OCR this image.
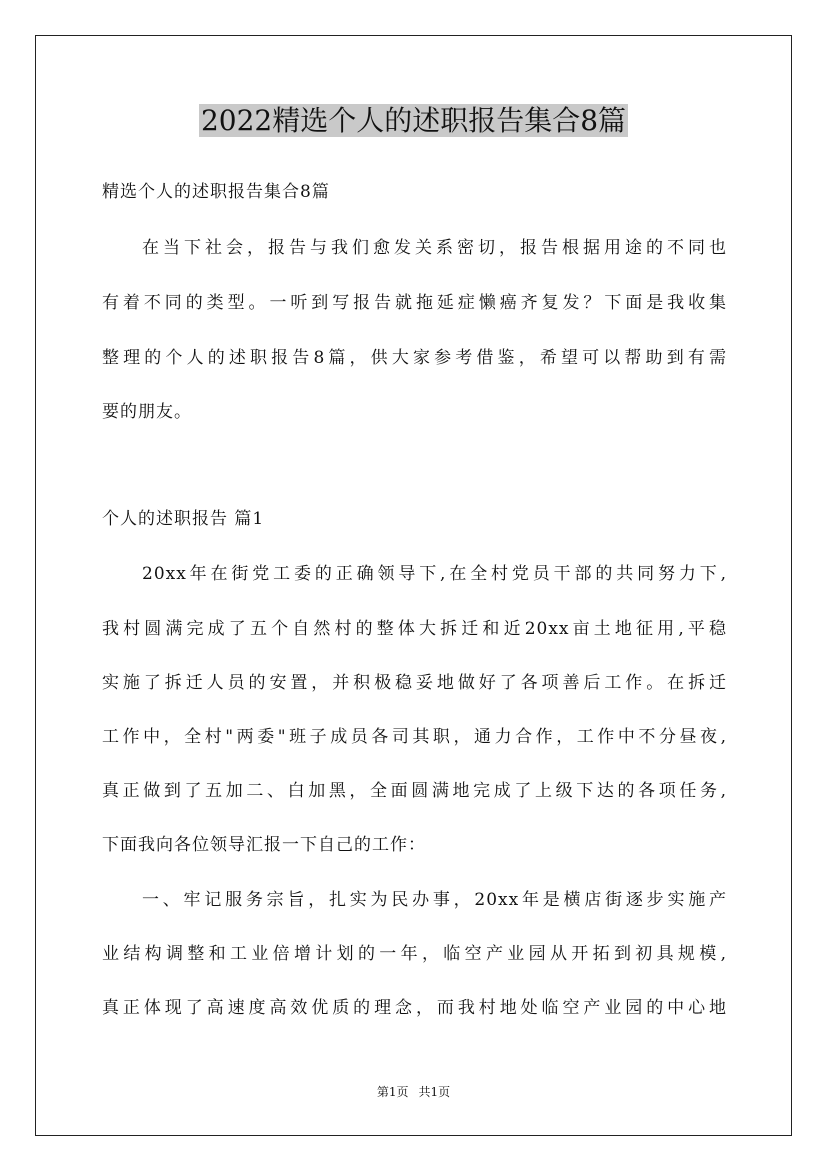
2022精选个人的述职报告集合8篇
精选个人的述职报告集合8篇
在当下社会，报告与我们愈发关系密切，报告根据用途的不同也
有着不同的类型。一听到写报告就拖延症懒癌齐复发？下面是我收集
整理的个人的述职报告8篇，供大家参考借鉴，希望可以帮助到有需
要的朋友。
个人的述职报告 篇1
20xx年在街党工委的正确领导下,在全村党员干部的共同努力下,
我村圆满完成了五个自然村的整体大拆迁和近20xx亩土地征用,平稳
实施了拆迁人员的安置，并积极稳妥地做好了各项善后工作。在拆迁
工作中，全村"两委"班子成员各司其职，通力合作，工作中不分昼夜,
真正做到了五加二、白加黑，全面圆满地完成了上级下达的各项任务,
下面我向各位领导汇报一下自己的工作：
一、牢记服务宗旨，扎实为民办事，20xx年是横店街逐步实施产
业结构调整和工业倍增计划的一年，临空产业园从开拓到初具规模,
真正体现了高速度高效优质的理念，而我村地处临空产业园的中心地
第1页 共1页
